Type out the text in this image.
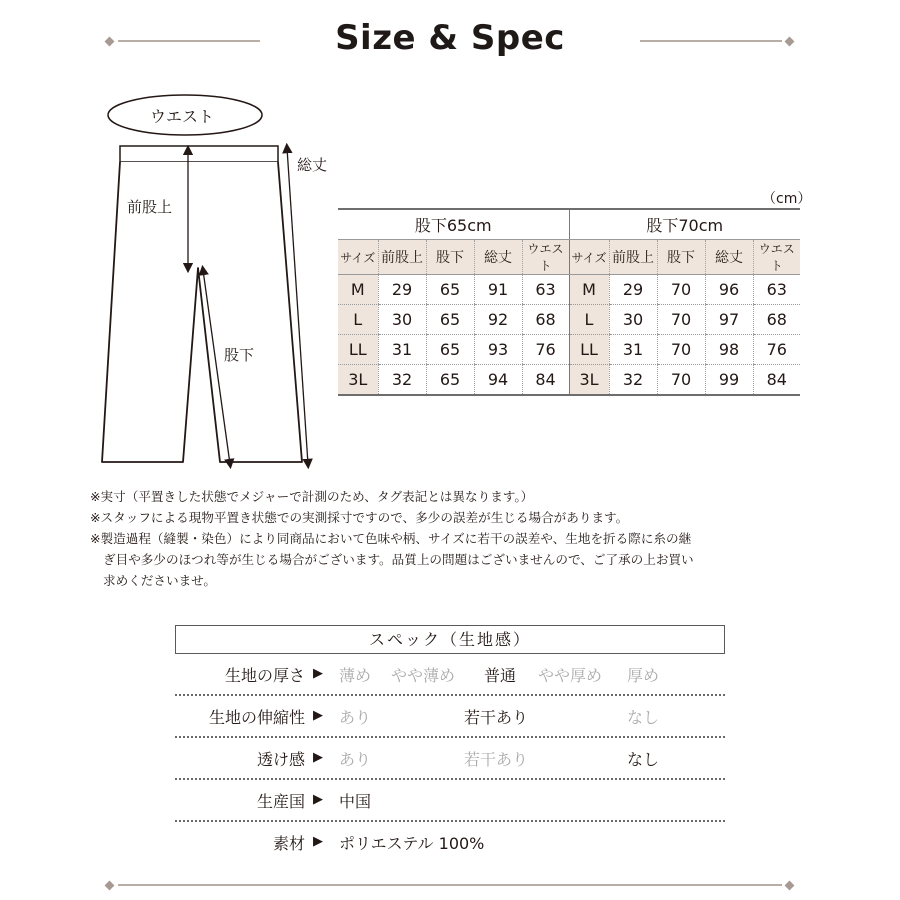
Size & Spec
ウエスト
総丈
前股上
股下
（cm）
股下65cm					股下70cm				
サイズ	前股上	股下	総丈	ウエスト	サイズ	前股上	股下	総丈	ウエスト
M	29	65	91	63	M	29	70	96	63
L	30	65	92	68	L	30	70	97	68
LL	31	65	93	76	LL	31	70	98	76
3L	32	65	94	84	3L	32	70	99	84

※実寸（平置きした状態でメジャーで計測のため、タグ表記とは異なります。）

※スタッフによる現物平置き状態での実測採寸ですので、多少の誤差が生じる場合があります。

※製造過程（縫製・染色）により同商品において色味や柄、サイズに若干の誤差や、生地を折る際に糸の継

ぎ目や多少のほつれ等が生じる場合がございます。品質上の問題はございませんので、ご了承の上お買い

求めくださいませ。

スペック（生地感）
生地の厚さ ▶ 薄め やや薄め 普通 やや厚め 厚め
生地の伸縮性 ▶ あり	若干あり	なし
透け感 ▶ あり	若干あり	なし
生産国 ▶ 中国
素材 ▶ ポリエステル 100%
